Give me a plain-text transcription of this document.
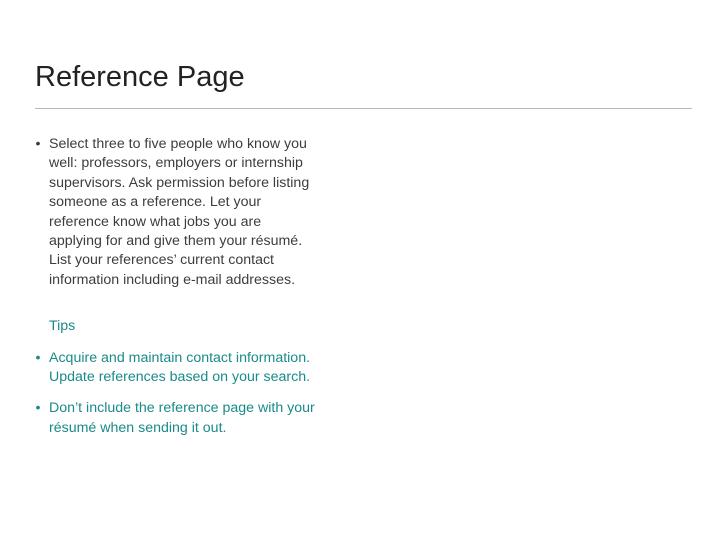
Reference Page
• Select three to five people who know you well: professors, employers or internship supervisors. Ask permission before listing someone as a reference. Let your reference know what jobs you are applying for and give them your résumé. List your references’ current contact information including e-mail addresses.
Tips
• Acquire and maintain contact information. Update references based on your search.
• Don’t include the reference page with your résumé when sending it out.
